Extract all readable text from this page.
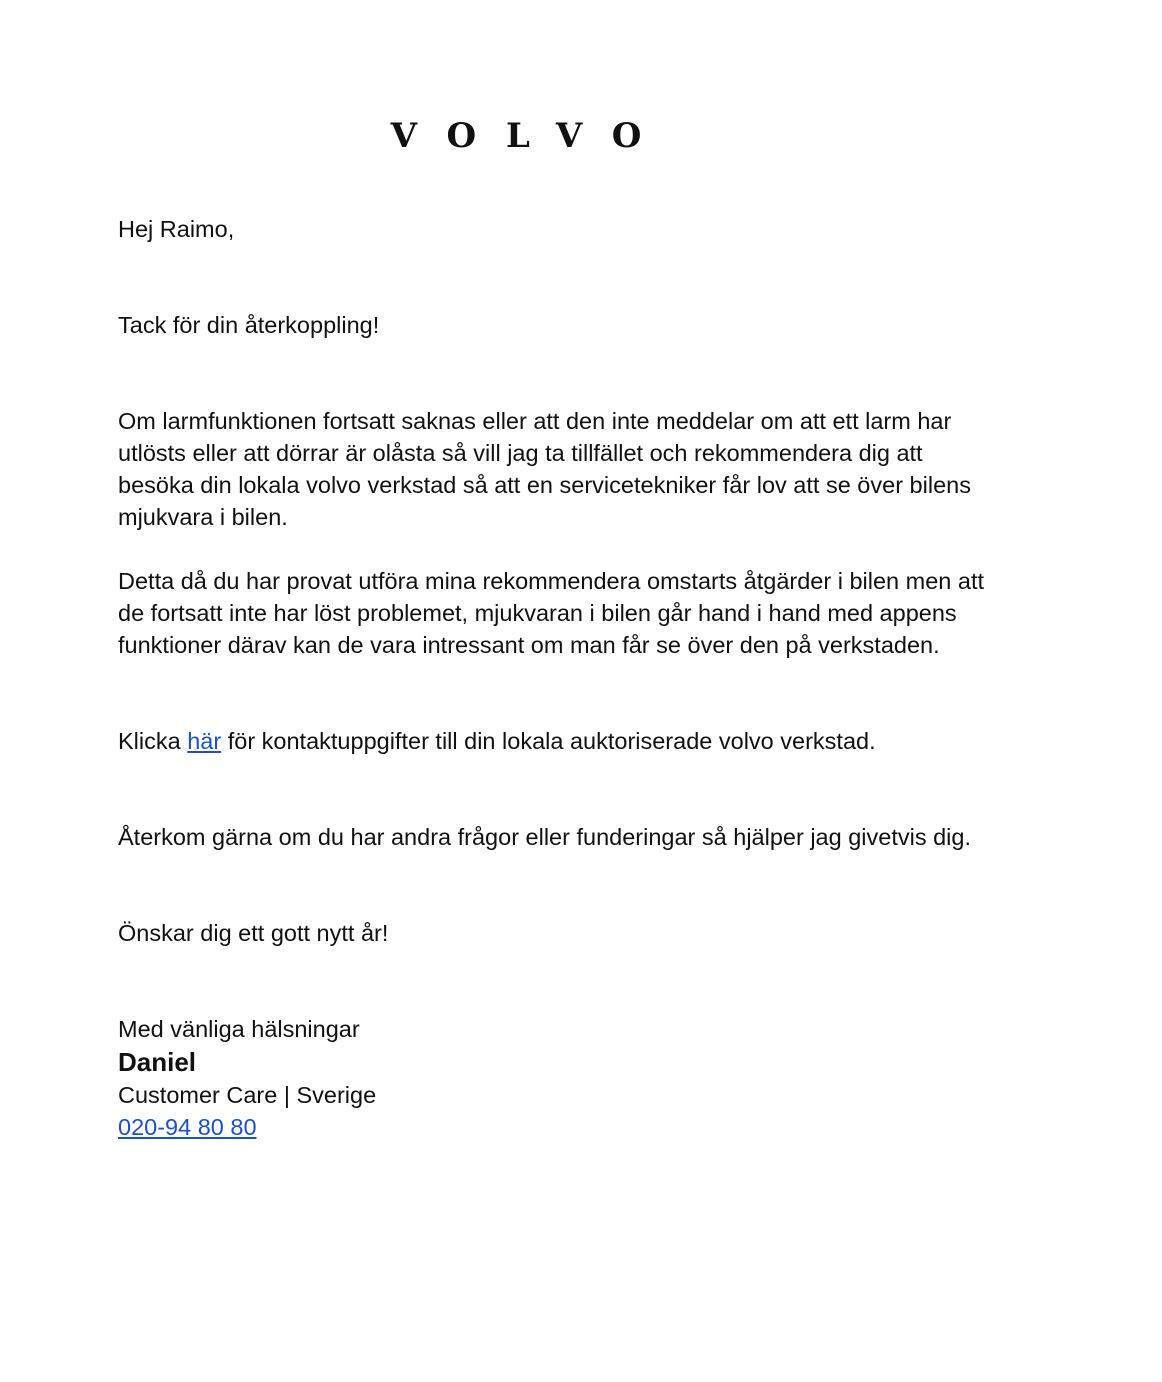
VOLVO

Hej Raimo,

Tack för din återkoppling!

Om larmfunktionen fortsatt saknas eller att den inte meddelar om att ett larm har utlösts eller att dörrar är olåsta så vill jag ta tillfället och rekommendera dig att besöka din lokala volvo verkstad så att en servicetekniker får lov att se över bilens mjukvara i bilen.

Detta då du har provat utföra mina rekommendera omstarts åtgärder i bilen men att de fortsatt inte har löst problemet, mjukvaran i bilen går hand i hand med appens funktioner därav kan de vara intressant om man får se över den på verkstaden.

Klicka här för kontaktuppgifter till din lokala auktoriserade volvo verkstad.

Återkom gärna om du har andra frågor eller funderingar så hjälper jag givetvis dig.

Önskar dig ett gott nytt år!

Med vänliga hälsningar

Daniel

Customer Care | Sverige

020-94 80 80
